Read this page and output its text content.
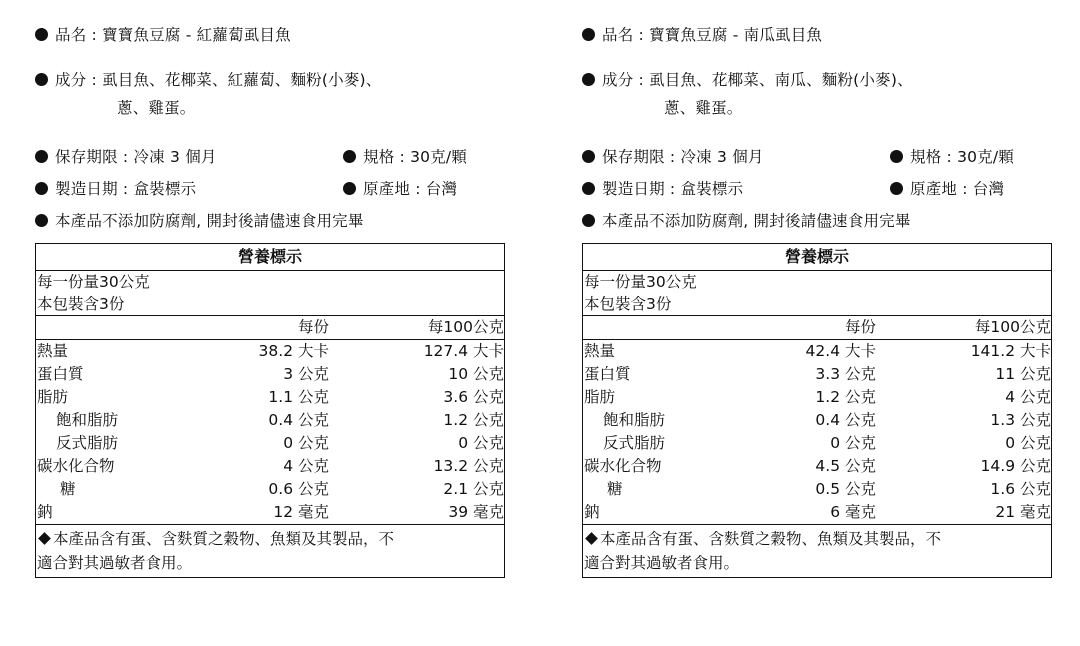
品名 : 寶寶魚豆腐 - 紅蘿蔔虱目魚
成分 : 虱目魚、花椰菜、紅蘿蔔、麵粉(小麥)、
蔥、雞蛋。
保存期限 : 冷凍 3 個月	規格 : 30克/顆
製造日期 : 盒裝標示	原產地 : 台灣
本產品不添加防腐劑, 開封後請儘速食用完畢
營養標示
每一份量30公克
本包裝含3份
每份	每100公克
熱量	38.2 大卡	127.4 大卡
蛋白質	3 公克	10 公克
脂肪	1.1 公克	3.6 公克
飽和脂肪	0.4 公克	1.2 公克
反式脂肪	0 公克	0 公克
碳水化合物	4 公克	13.2 公克
糖	0.6 公克	2.1 公克
鈉	12 毫克	39 毫克
本產品含有蛋、含麩質之穀物、魚類及其製品，不
適合對其過敏者食用。
品名 : 寶寶魚豆腐 - 南瓜虱目魚
成分 : 虱目魚、花椰菜、南瓜、麵粉(小麥)、
蔥、雞蛋。
保存期限 : 冷凍 3 個月	規格 : 30克/顆
製造日期 : 盒裝標示	原產地 : 台灣
本產品不添加防腐劑, 開封後請儘速食用完畢
營養標示
每一份量30公克
本包裝含3份
每份	每100公克
熱量	42.4 大卡	141.2 大卡
蛋白質	3.3 公克	11 公克
脂肪	1.2 公克	4 公克
飽和脂肪	0.4 公克	1.3 公克
反式脂肪	0 公克	0 公克
碳水化合物	4.5 公克	14.9 公克
糖	0.5 公克	1.6 公克
鈉	6 毫克	21 毫克
本產品含有蛋、含麩質之穀物、魚類及其製品，不
適合對其過敏者食用。
